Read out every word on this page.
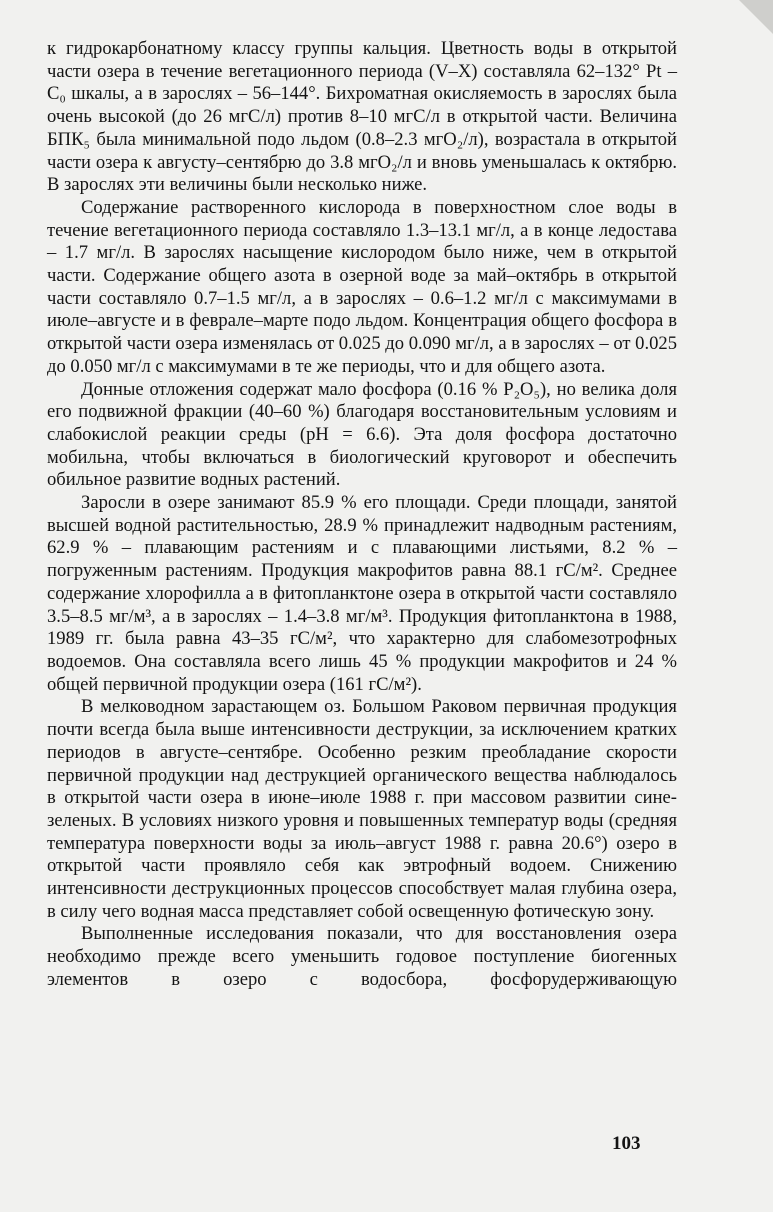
к гидрокарбонатному классу группы кальция. Цветность воды в открытой части озера в течение вегетационного периода (V–X) составляла 62–132° Pt – C₀ шкалы, а в зарослях – 56–144°. Бихроматная окисляемость в зарослях была очень высокой (до 26 мгС/л) против 8–10 мгС/л в открытой части. Величина БПК₅ была минимальной подо льдом (0.8–2.3 мгО₂/л), возрастала в открытой части озера к августу–сентябрю до 3.8 мгО₂/л и вновь уменьшалась к октябрю. В зарослях эти величины были несколько ниже.

Содержание растворенного кислорода в поверхностном слое воды в течение вегетационного периода составляло 1.3–13.1 мг/л, а в конце ледостава – 1.7 мг/л. В зарослях насыщение кислородом было ниже, чем в открытой части. Содержание общего азота в озерной воде за май–октябрь в открытой части составляло 0.7–1.5 мг/л, а в зарослях – 0.6–1.2 мг/л с максимумами в июле–августе и в феврале–марте подо льдом. Концентрация общего фосфора в открытой части озера изменялась от 0.025 до 0.090 мг/л, а в зарослях – от 0.025 до 0.050 мг/л с максимумами в те же периоды, что и для общего азота.

Донные отложения содержат мало фосфора (0.16 % P₂O₅), но велика доля его подвижной фракции (40–60 %) благодаря восстановительным условиям и слабокислой реакции среды (pH = 6.6). Эта доля фосфора достаточно мобильна, чтобы включаться в биологический круговорот и обеспечить обильное развитие водных растений.

Заросли в озере занимают 85.9 % его площади. Среди площади, занятой высшей водной растительностью, 28.9 % принадлежит надводным растениям, 62.9 % – плавающим растениям и с плавающими листьями, 8.2 % – погруженным растениям. Продукция макрофитов равна 88.1 гС/м². Среднее содержание хлорофилла a в фитопланктоне озера в открытой части составляло 3.5–8.5 мг/м³, а в зарослях – 1.4–3.8 мг/м³. Продукция фитопланктона в 1988, 1989 гг. была равна 43–35 гС/м², что характерно для слабомезотрофных водоемов. Она составляла всего лишь 45 % продукции макрофитов и 24 % общей первичной продукции озера (161 гС/м²).

В мелководном зарастающем оз. Большом Раковом первичная продукция почти всегда была выше интенсивности деструкции, за исключением кратких периодов в августе–сентябре. Особенно резким преобладание скорости первичной продукции над деструкцией органического вещества наблюдалось в открытой части озера в июне–июле 1988 г. при массовом развитии сине-зеленых. В условиях низкого уровня и повышенных температур воды (средняя температура поверхности воды за июль–август 1988 г. равна 20.6°) озеро в открытой части проявляло себя как эвтрофный водоем. Снижению интенсивности деструкционных процессов способствует малая глубина озера, в силу чего водная масса представляет собой освещенную фотическую зону.

Выполненные исследования показали, что для восстановления озера необходимо прежде всего уменьшить годовое поступление биогенных элементов в озеро с водосбора, фосфорудерживающую

103
